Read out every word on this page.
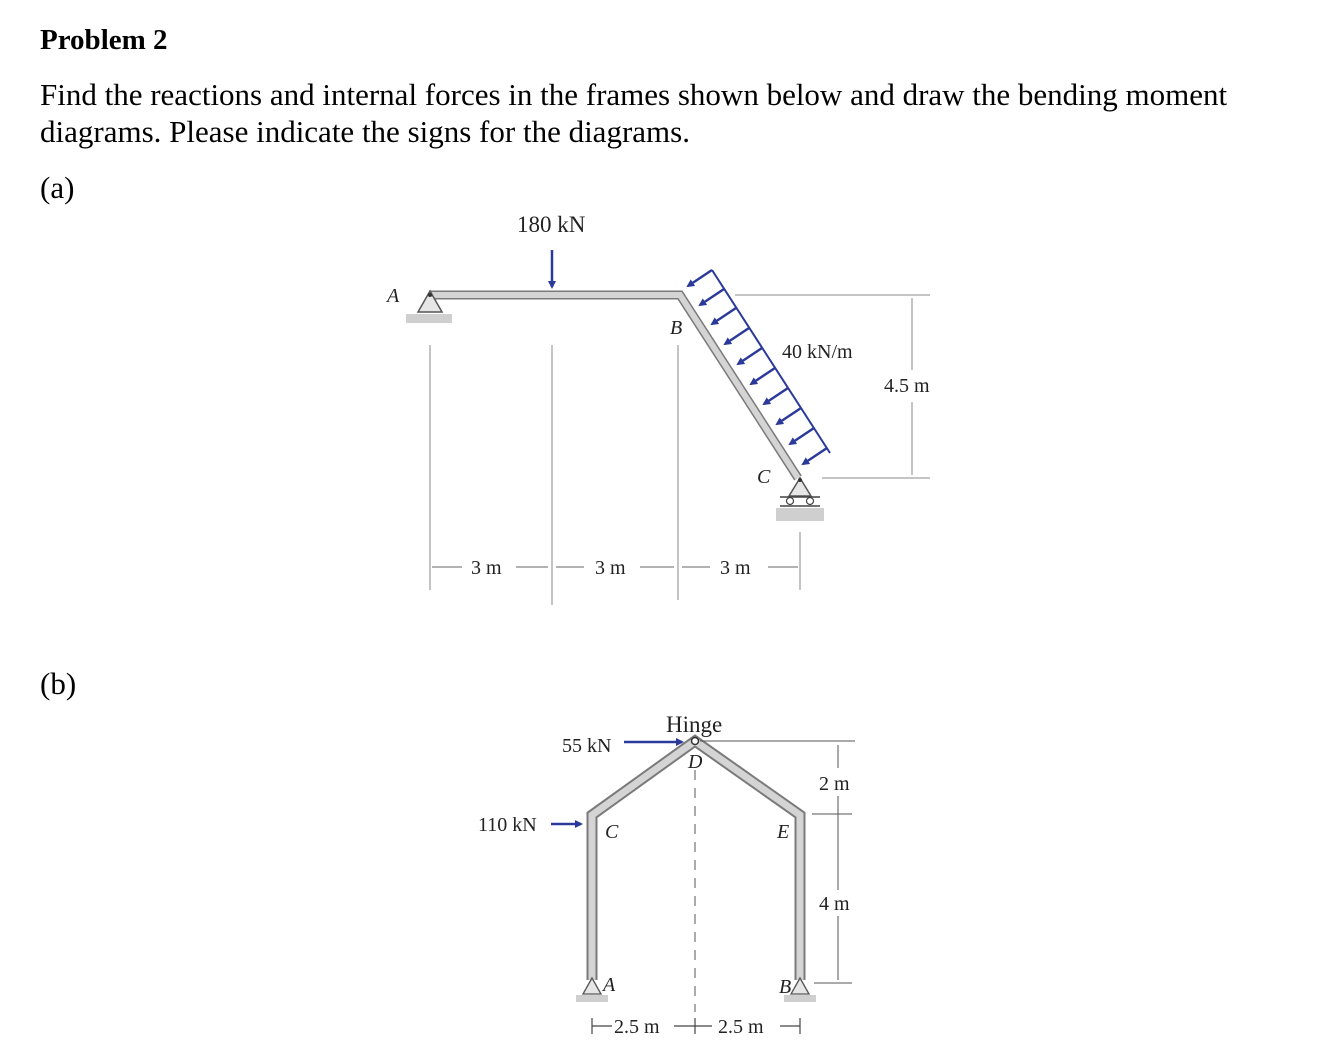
Problem 2
Find the reactions and internal forces in the frames shown below and draw the bending moment diagrams. Please indicate the signs for the diagrams.
(a)
(b)
180 kN
40 kN/m
4.5 m
3 m	3 m	3 m
A
B
C
Hinge
55 kN
110 kN
2 m
4 m
2.5 m	2.5 m
A	B
C
D
E
